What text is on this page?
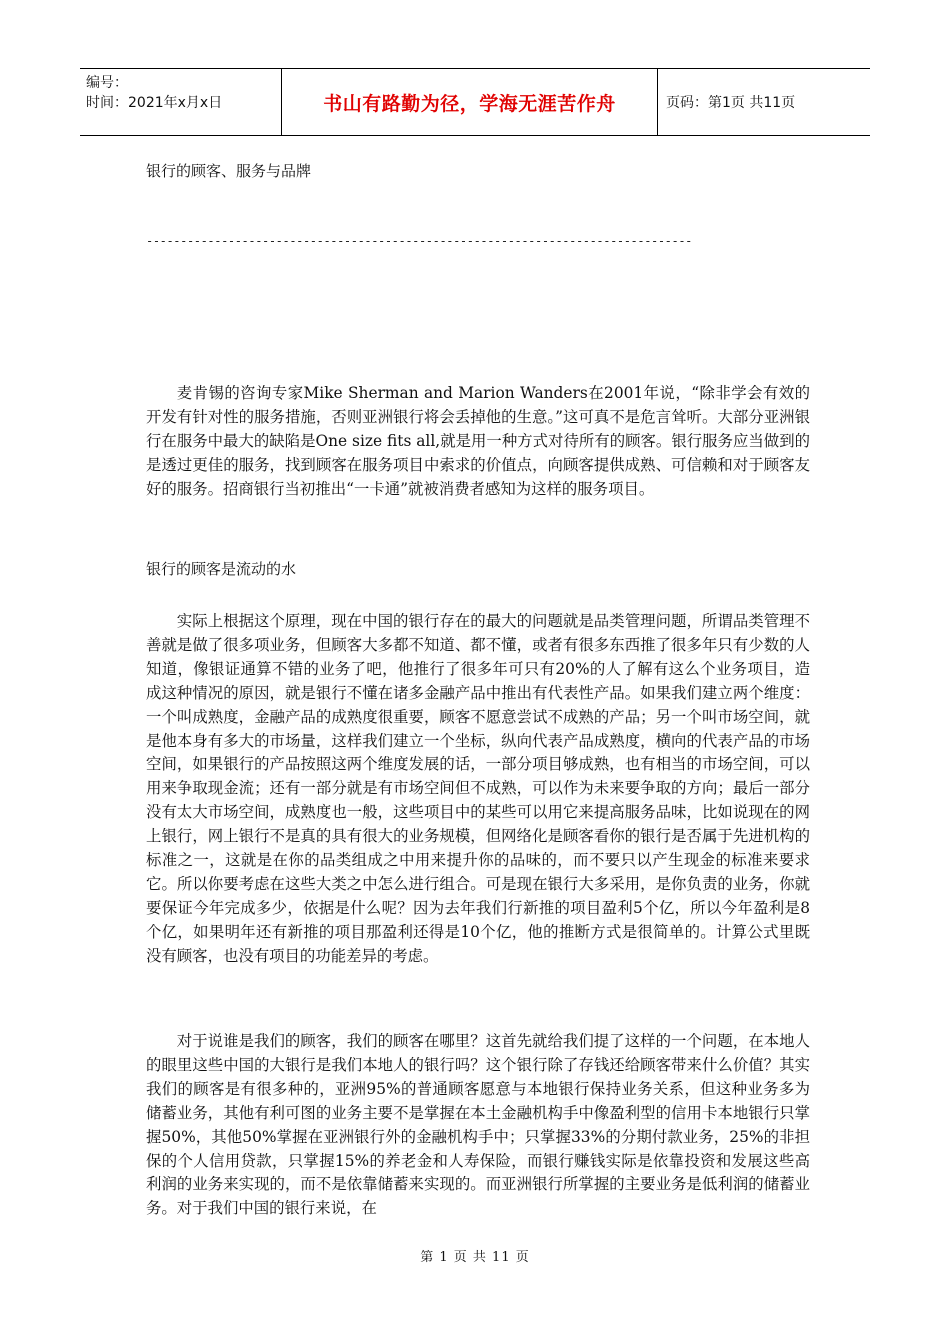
编号：
时间：2021年x月x日	书山有路勤为径，学海无涯苦作舟	页码：第1页 共11页
银行的顾客、服务与品牌
--------------------------------------------------------------------------------

麦肯锡的咨询专家Mike Sherman and Marion Wanders在2001年说，“除非学会有效的开发有针对性的服务措施，否则亚洲银行将会丢掉他的生意。”这可真不是危言耸听。大部分亚洲银行在服务中最大的缺陷是One size fits all,就是用一种方式对待所有的顾客。银行服务应当做到的是透过更佳的服务，找到顾客在服务项目中索求的价值点，向顾客提供成熟、可信赖和对于顾客友好的服务。招商银行当初推出“一卡通”就被消费者感知为这样的服务项目。

银行的顾客是流动的水

实际上根据这个原理，现在中国的银行存在的最大的问题就是品类管理问题，所谓品类管理不善就是做了很多项业务，但顾客大多都不知道、都不懂，或者有很多东西推了很多年只有少数的人知道，像银证通算不错的业务了吧，他推行了很多年可只有20%的人了解有这么个业务项目，造成这种情况的原因，就是银行不懂在诸多金融产品中推出有代表性产品。如果我们建立两个维度：一个叫成熟度，金融产品的成熟度很重要，顾客不愿意尝试不成熟的产品；另一个叫市场空间，就是他本身有多大的市场量，这样我们建立一个坐标，纵向代表产品成熟度，横向的代表产品的市场空间，如果银行的产品按照这两个维度发展的话，一部分项目够成熟，也有相当的市场空间，可以用来争取现金流；还有一部分就是有市场空间但不成熟，可以作为未来要争取的方向；最后一部分没有太大市场空间，成熟度也一般，这些项目中的某些可以用它来提高服务品味，比如说现在的网上银行，网上银行不是真的具有很大的业务规模，但网络化是顾客看你的银行是否属于先进机构的标准之一，这就是在你的品类组成之中用来提升你的品味的，而不要只以产生现金的标准来要求它。所以你要考虑在这些大类之中怎么进行组合。可是现在银行大多采用，是你负责的业务，你就要保证今年完成多少，依据是什么呢？因为去年我们行新推的项目盈利5个亿，所以今年盈利是8个亿，如果明年还有新推的项目那盈利还得是10个亿，他的推断方式是很简单的。计算公式里既没有顾客，也没有项目的功能差异的考虑。

对于说谁是我们的顾客，我们的顾客在哪里？这首先就给我们提了这样的一个问题，在本地人的眼里这些中国的大银行是我们本地人的银行吗？这个银行除了存钱还给顾客带来什么价值？其实我们的顾客是有很多种的，亚洲95%的普通顾客愿意与本地银行保持业务关系，但这种业务多为储蓄业务，其他有利可图的业务主要不是掌握在本土金融机构手中像盈利型的信用卡本地银行只掌握50%，其他50%掌握在亚洲银行外的金融机构手中；只掌握33%的分期付款业务，25%的非担保的个人信用贷款，只掌握15%的养老金和人寿保险，而银行赚钱实际是依靠投资和发展这些高利润的业务来实现的，而不是依靠储蓄来实现的。而亚洲银行所掌握的主要业务是低利润的储蓄业务。对于我们中国的银行来说，在

第 1 页 共 11 页
